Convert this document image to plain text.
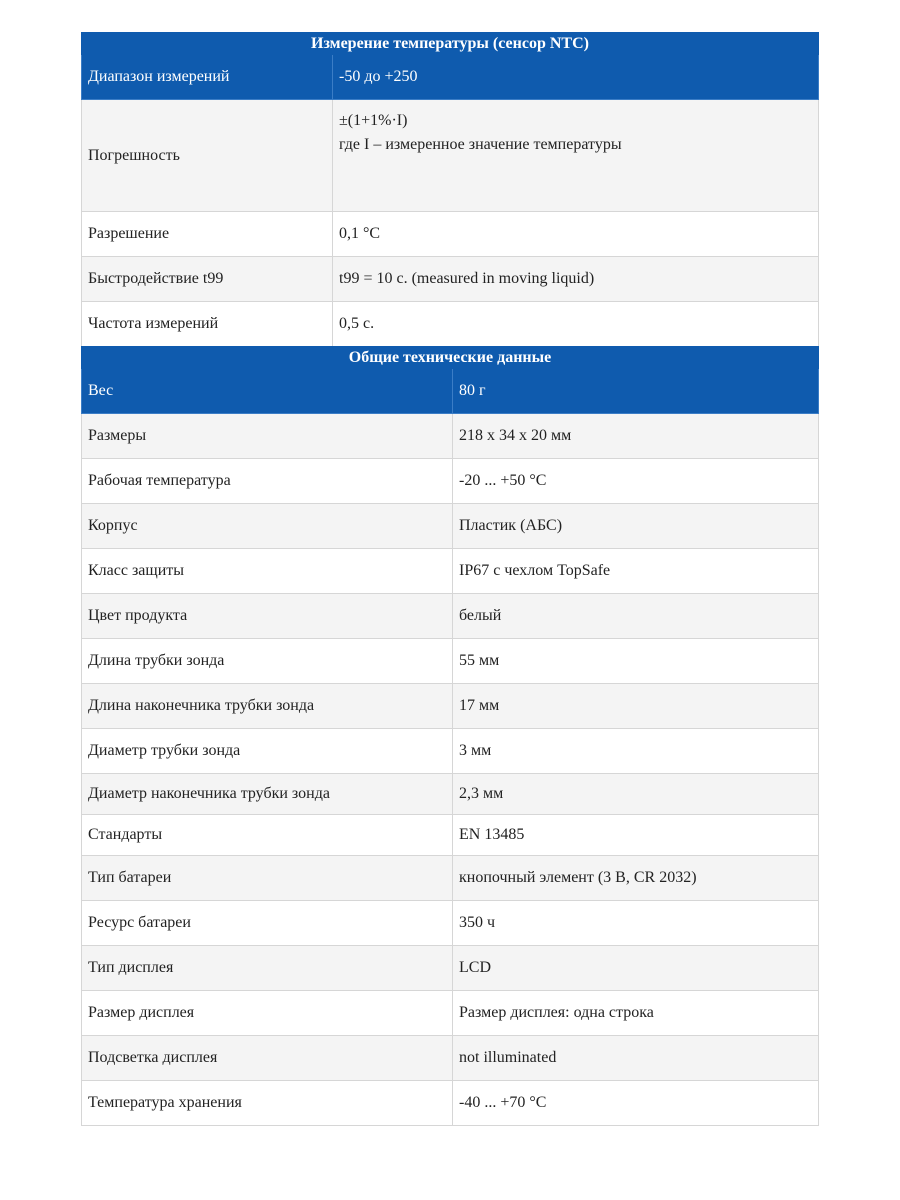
Измерение температуры (сенсор NTC)	
Диапазон измерений	-50 до +250
Погрешность	±(1+1%·I)
где I – измеренное значение температуры

Разрешение	0,1 °C
Быстродействие t99	t99 = 10 c. (measured in moving liquid)
Частота измерений	0,5 c.
Общие технические данные	
Вес	80 г
Размеры	218 x 34 x 20 мм
Рабочая температура	-20 ... +50 °C
Корпус	Пластик (АБС)
Класс защиты	IP67 с чехлом TopSafe
Цвет продукта	белый
Длина трубки зонда	55 мм
Длина наконечника трубки зонда	17 мм
Диаметр трубки зонда	3 мм
Диаметр наконечника трубки зонда	2,3 мм
Стандарты	EN 13485
Тип батареи	кнопочный элемент (3 В, CR 2032)
Ресурс батареи	350 ч
Тип дисплея	LCD
Размер дисплея	Размер дисплея: одна строка
Подсветка дисплея	not illuminated
Температура хранения	-40 ... +70 °C
